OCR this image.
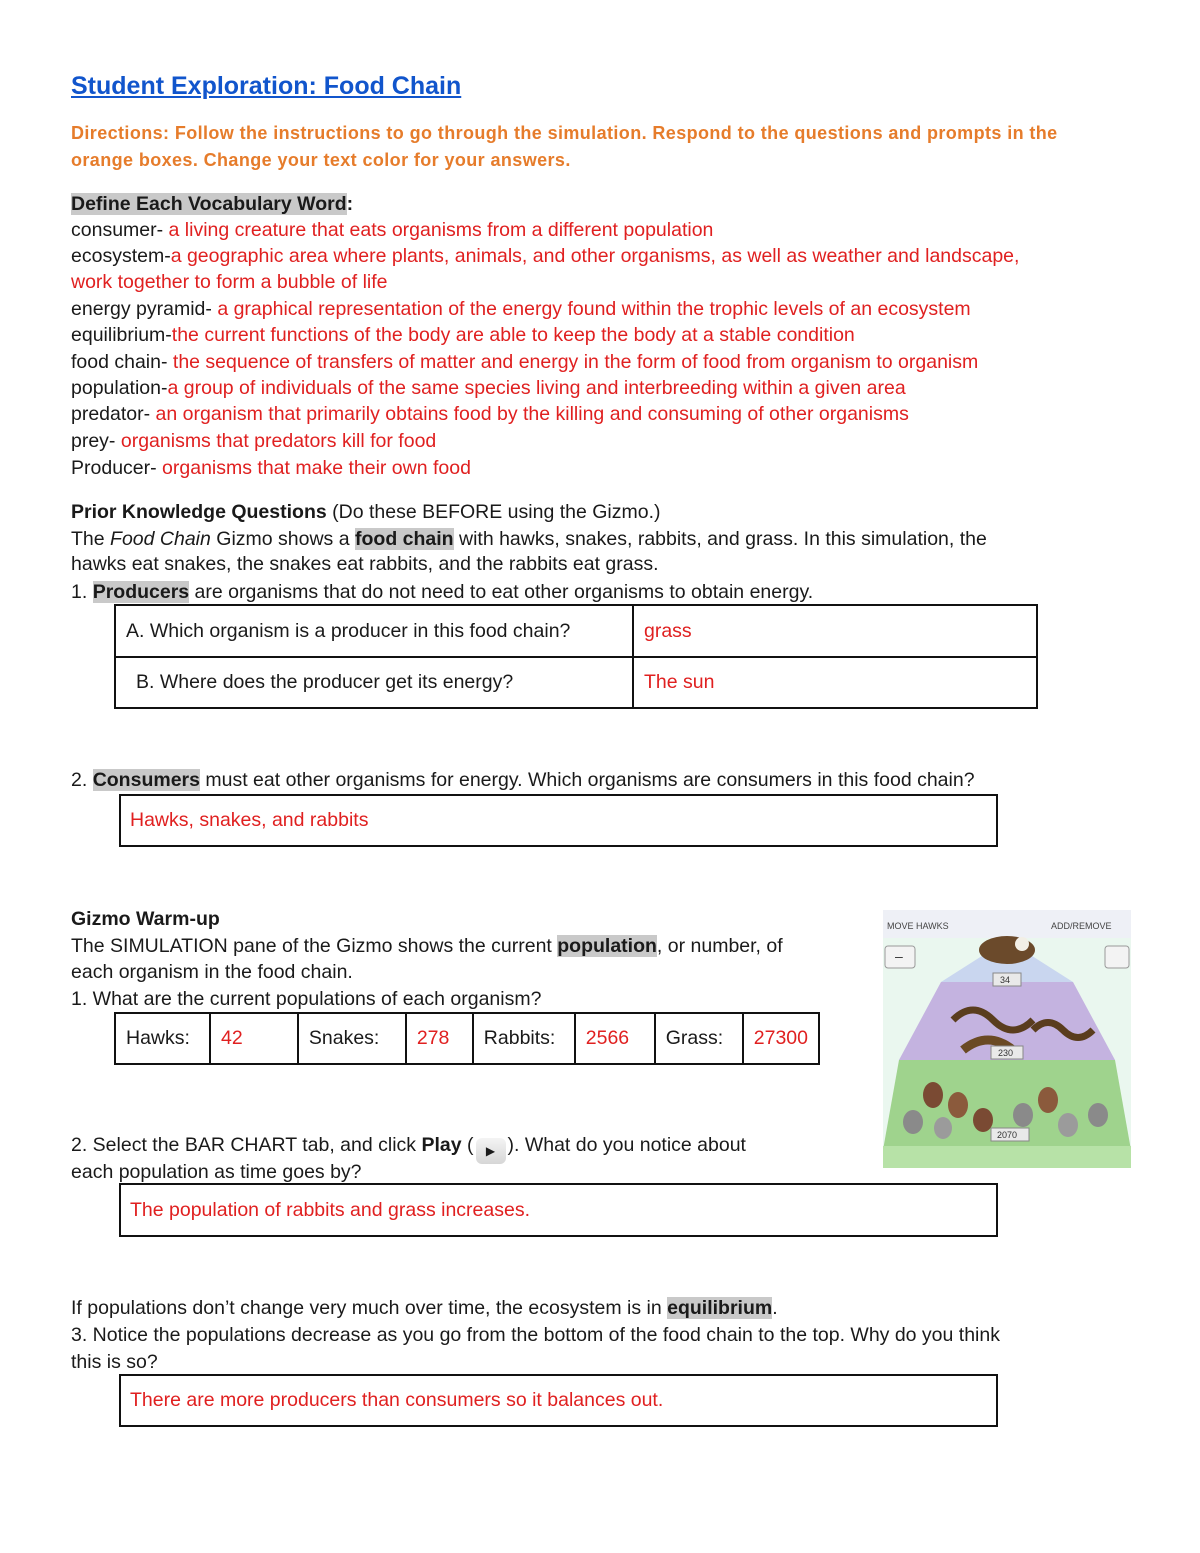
Student Exploration: Food Chain
Directions: Follow the instructions to go through the simulation. Respond to the questions and prompts in the orange boxes. Change your text color for your answers.
Define Each Vocabulary Word:
consumer- a living creature that eats organisms from a different population
ecosystem-a geographic area where plants, animals, and other organisms, as well as weather and landscape,
work together to form a bubble of life
energy pyramid- a graphical representation of the energy found within the trophic levels of an ecosystem
equilibrium-the current functions of the body are able to keep the body at a stable condition
food chain- the sequence of transfers of matter and energy in the form of food from organism to organism
population-a group of individuals of the same species living and interbreeding within a given area
predator- an organism that primarily obtains food by the killing and consuming of other organisms
prey- organisms that predators kill for food
Producer- organisms that make their own food
Prior Knowledge Questions (Do these BEFORE using the Gizmo.)
The Food Chain Gizmo shows a food chain with hawks, snakes, rabbits, and grass. In this simulation, the
hawks eat snakes, the snakes eat rabbits, and the rabbits eat grass.
1. Producers are organisms that do not need to eat other organisms to obtain energy.
A. Which organism is a producer in this food chain?	grass
B. Where does the producer get its energy?	The sun
2. Consumers must eat other organisms for energy. Which organisms are consumers in this food chain?
Hawks, snakes, and rabbits
Gizmo Warm-up
The SIMULATION pane of the Gizmo shows the current population, or number, of
each organism in the food chain.
1. What are the current populations of each organism?
Hawks:	42	Snakes:	278	Rabbits:	2566	Grass:	27300
2. Select the BAR CHART tab, and click Play ( ▶ ). What do you notice about
each population as time goes by?
The population of rabbits and grass increases.
If populations don’t change very much over time, the ecosystem is in equilibrium.
3. Notice the populations decrease as you go from the bottom of the food chain to the top. Why do you think
this is so?
There are more producers than consumers so it balances out.
MOVE HAWKS	ADD/REMOVE
–
34
230
2070
